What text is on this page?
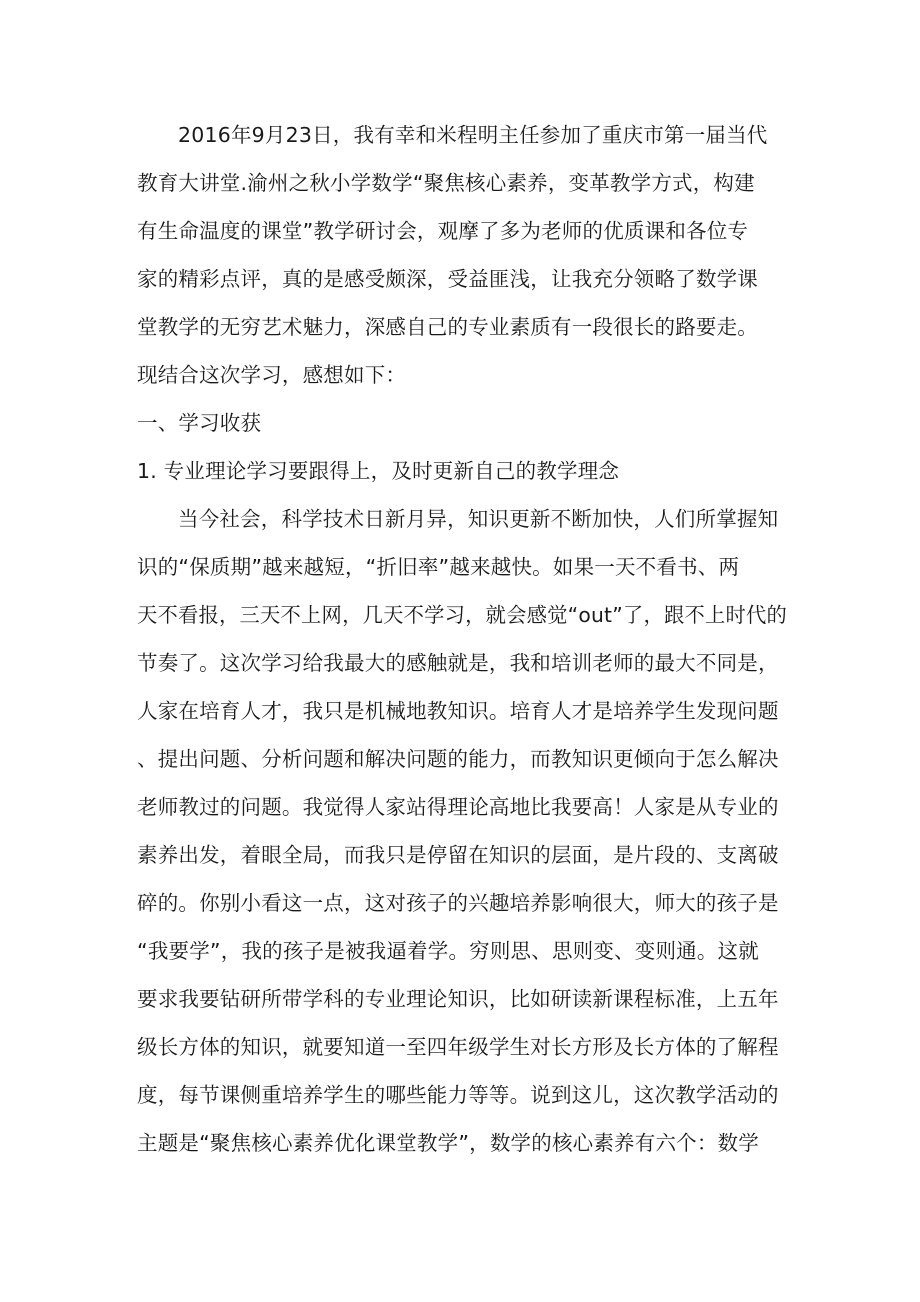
2016年9月23日，我有幸和米程明主任参加了重庆市第一届当代
教育大讲堂.渝州之秋小学数学“聚焦核心素养，变革教学方式，构建
有生命温度的课堂”教学研讨会，观摩了多为老师的优质课和各位专
家的精彩点评，真的是感受颇深，受益匪浅，让我充分领略了数学课
堂教学的无穷艺术魅力，深感自己的专业素质有一段很长的路要走。
现结合这次学习，感想如下：
一、学习收获
1. 专业理论学习要跟得上，及时更新自己的教学理念
当今社会，科学技术日新月异，知识更新不断加快，人们所掌握知
识的“保质期”越来越短，“折旧率”越来越快。如果一天不看书、两
天不看报，三天不上网，几天不学习，就会感觉“out”了，跟不上时代的
节奏了。这次学习给我最大的感触就是，我和培训老师的最大不同是，
人家在培育人才，我只是机械地教知识。培育人才是培养学生发现问题
、提出问题、分析问题和解决问题的能力，而教知识更倾向于怎么解决
老师教过的问题。我觉得人家站得理论高地比我要高！人家是从专业的
素养出发，着眼全局，而我只是停留在知识的层面，是片段的、支离破
碎的。你别小看这一点，这对孩子的兴趣培养影响很大，师大的孩子是
“我要学”，我的孩子是被我逼着学。穷则思、思则变、变则通。这就
要求我要钻研所带学科的专业理论知识，比如研读新课程标准，上五年
级长方体的知识，就要知道一至四年级学生对长方形及长方体的了解程
度，每节课侧重培养学生的哪些能力等等。说到这儿，这次教学活动的
主题是“聚焦核心素养优化课堂教学”，数学的核心素养有六个：数学
